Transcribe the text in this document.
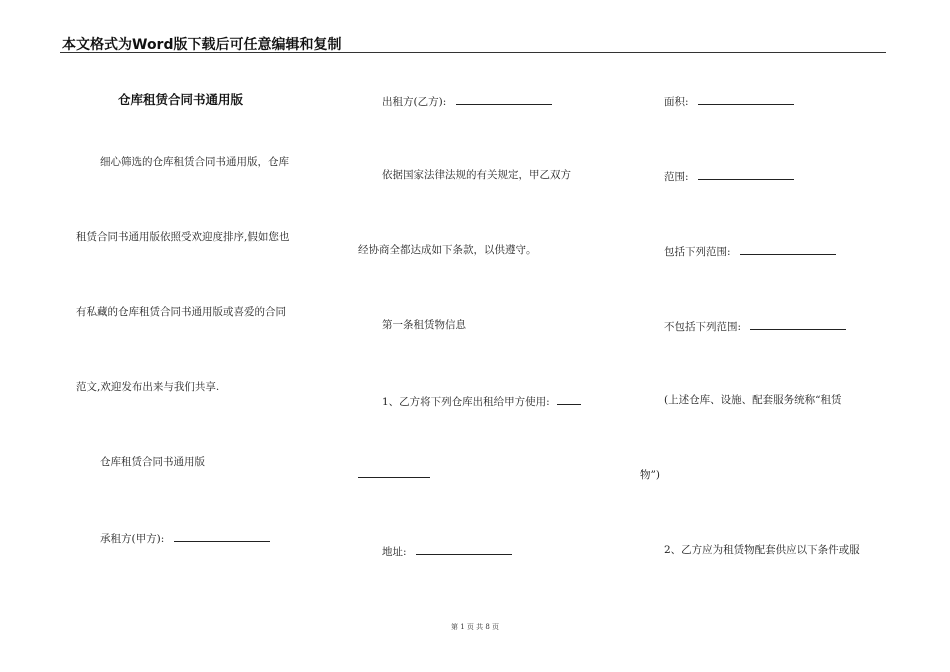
本文格式为Word版下载后可任意编辑和复制
仓库租赁合同书通用版
细心筛选的仓库租赁合同书通用版，仓库
租赁合同书通用版依照受欢迎度排序,假如您也
有私藏的仓库租赁合同书通用版或喜爱的合同
范文,欢迎发布出来与我们共享.
仓库租赁合同书通用版
承租方(甲方):
出租方(乙方):
依据国家法律法规的有关规定，甲乙双方
经协商全都达成如下条款，以供遵守。
第一条租赁物信息
1、乙方将下列仓库出租给甲方使用:
地址:
面积:
范围:
包括下列范围:
不包括下列范围:
(上述仓库、设施、配套服务统称“租赁
物”)
2、乙方应为租赁物配套供应以下条件或服
第 1 页 共 8 页
